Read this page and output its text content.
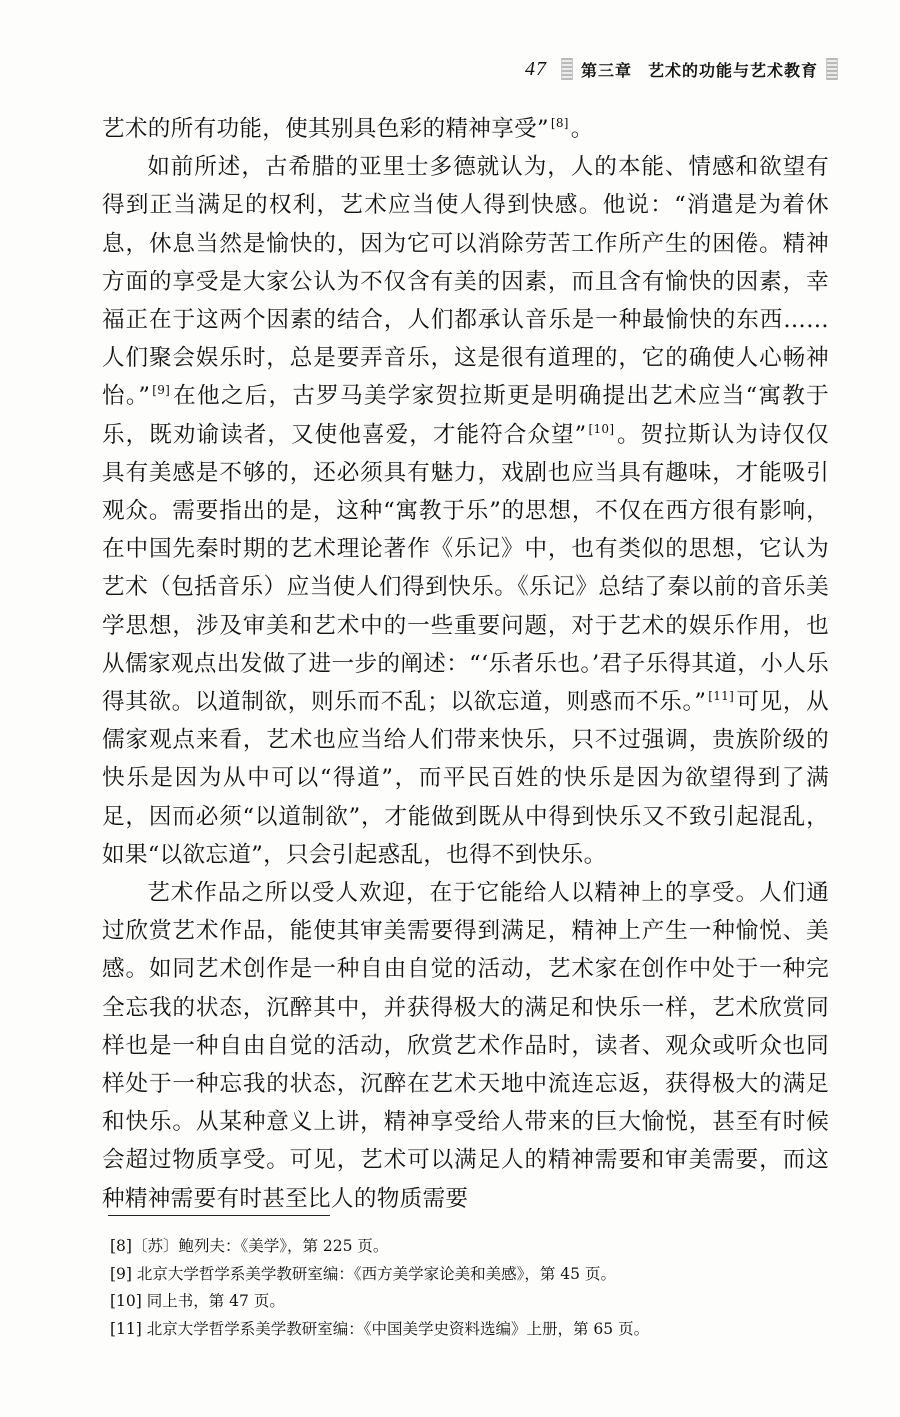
47 第三章 艺术的功能与艺术教育

艺术的所有功能，使其别具色彩的精神享受” [8]。

如前所述，古希腊的亚里士多德就认为，人的本能、情感和欲望有得到正当满足的权利，艺术应当使人得到快感。他说：“消遣是为着休息，休息当然是愉快的，因为它可以消除劳苦工作所产生的困倦。精神方面的享受是大家公认为不仅含有美的因素，而且含有愉快的因素，幸福正在于这两个因素的结合，人们都承认音乐是一种最愉快的东西……人们聚会娱乐时，总是要弄音乐，这是很有道理的，它的确使人心畅神怡。” [9]在他之后，古罗马美学家贺拉斯更是明确提出艺术应当“寓教于乐，既劝谕读者，又使他喜爱，才能符合众望” [10]。贺拉斯认为诗仅仅具有美感是不够的，还必须具有魅力，戏剧也应当具有趣味，才能吸引观众。需要指出的是，这种“寓教于乐”的思想，不仅在西方很有影响，在中国先秦时期的艺术理论著作《乐记》中，也有类似的思想，它认为艺术（包括音乐）应当使人们得到快乐。《乐记》总结了秦以前的音乐美学思想，涉及审美和艺术中的一些重要问题，对于艺术的娱乐作用，也从儒家观点出发做了进一步的阐述：“‘乐者乐也。’君子乐得其道，小人乐得其欲。以道制欲，则乐而不乱；以欲忘道，则惑而不乐。” [11]可见，从儒家观点来看，艺术也应当给人们带来快乐，只不过强调，贵族阶级的快乐是因为从中可以“得道”，而平民百姓的快乐是因为欲望得到了满足，因而必须“以道制欲”，才能做到既从中得到快乐又不致引起混乱，如果“以欲忘道”，只会引起惑乱，也得不到快乐。

艺术作品之所以受人欢迎，在于它能给人以精神上的享受。人们通过欣赏艺术作品，能使其审美需要得到满足，精神上产生一种愉悦、美感。如同艺术创作是一种自由自觉的活动，艺术家在创作中处于一种完全忘我的状态，沉醉其中，并获得极大的满足和快乐一样，艺术欣赏同样也是一种自由自觉的活动，欣赏艺术作品时，读者、观众或听众也同样处于一种忘我的状态，沉醉在艺术天地中流连忘返，获得极大的满足和快乐。从某种意义上讲，精神享受给人带来的巨大愉悦，甚至有时候会超过物质享受。可见，艺术可以满足人的精神需要和审美需要，而这种精神需要有时甚至比人的物质需要

[8]〔苏〕鲍列夫：《美学》，第 225 页。
[9] 北京大学哲学系美学教研室编：《西方美学家论美和美感》，第 45 页。
[10] 同上书，第 47 页。
[11] 北京大学哲学系美学教研室编：《中国美学史资料选编》上册，第 65 页。
